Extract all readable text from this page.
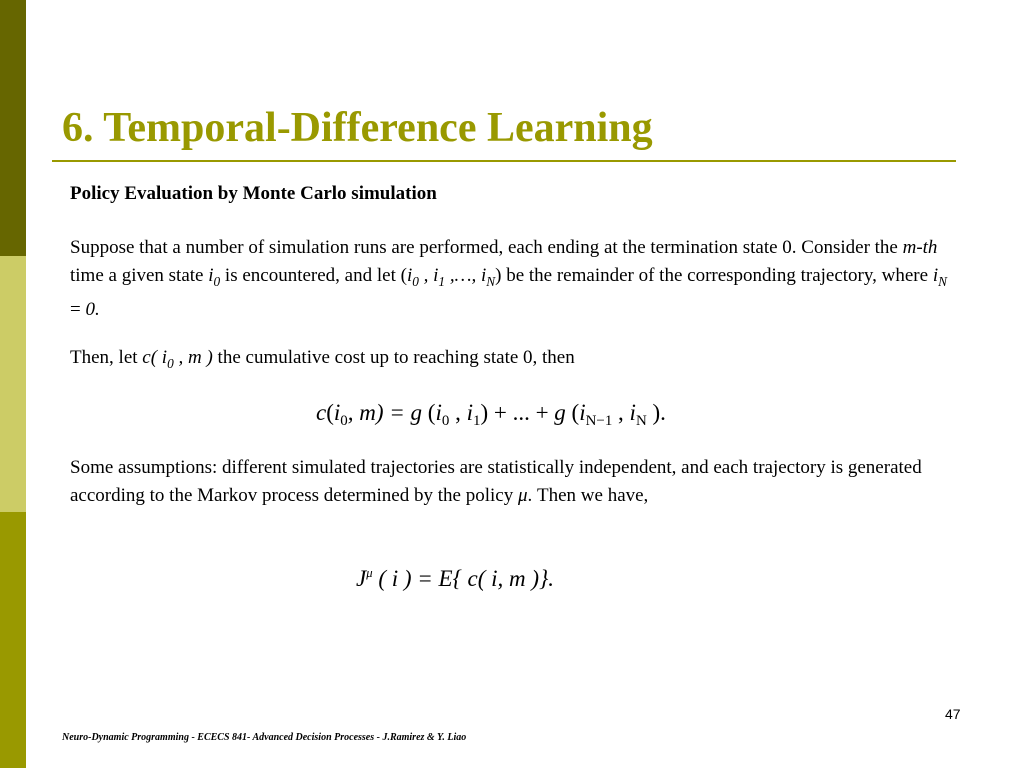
6. Temporal-Difference Learning
Policy Evaluation by Monte Carlo simulation
Suppose that a number of simulation runs are performed, each ending at the termination state 0. Consider the m-th time a given state $i_0$ is encountered, and let ($i_0$ , $i_1$ ,…, $i_N$) be the remainder of the corresponding trajectory, where $i_N = 0$.
Then, let c( $i_0$ , m ) the cumulative cost up to reaching state 0, then
$c(i_0$, m) = g ($i_0$ , $i_1$) + ... + g ($i_{N-1}$ , $i_N$ ).
Some assumptions: different simulated trajectories are statistically independent, and each trajectory is generated according to the Markov process determined by the policy μ. Then we have,
$J^\mu$ ( i ) = E{ c( i, m )}.
47
Neuro-Dynamic Programming - ECECS 841- Advanced Decision Processes - J.Ramirez & Y. Liao
